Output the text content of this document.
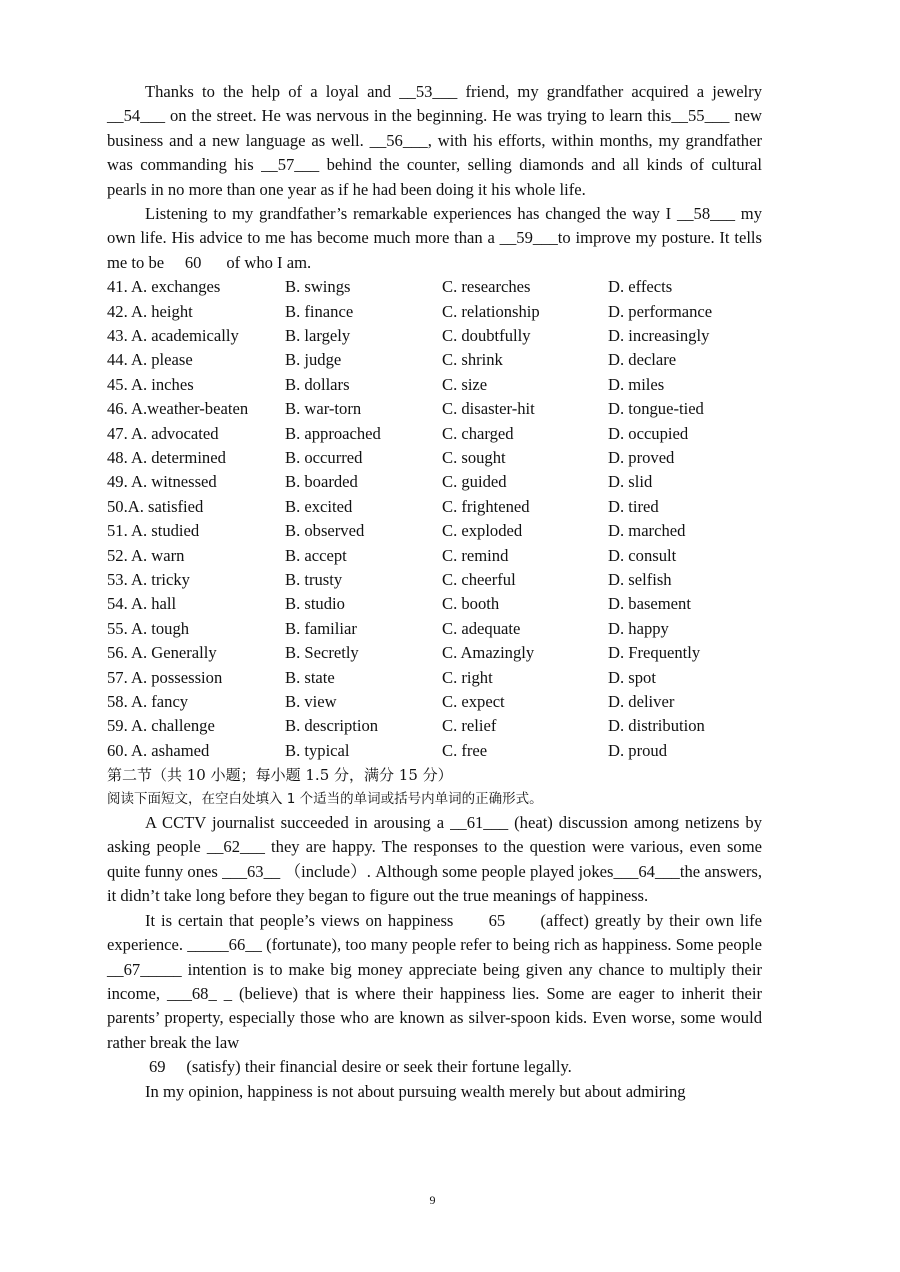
Thanks to the help of a loyal and __53___ friend, my grandfather acquired a jewelry __54___ on the street. He was nervous in the beginning. He was trying to learn this__55___ new business and a new language as well. __56___, with his efforts, within months, my grandfather was commanding his __57___ behind the counter, selling diamonds and all kinds of cultural pearls in no more than one year as if he had been doing it his whole life.

Listening to my grandfather’s remarkable experiences has changed the way I __58___ my own life. His advice to me has become much more than a __59___to improve my posture. It tells me to be     60      of who I am.

41. A. exchanges	B. swings	C. researches	D. effects
42. A. height	B. finance	C. relationship	D. performance
43. A. academically	B. largely	C. doubtfully	D. increasingly
44. A. please	B. judge	C. shrink	D. declare
45. A. inches	B. dollars	C. size	D. miles
46. A.weather-beaten	B. war-torn	C. disaster-hit	D. tongue-tied
47. A. advocated	B. approached	C. charged	D. occupied
48. A. determined	B. occurred	C. sought	D. proved
49. A. witnessed	B. boarded	C. guided	D. slid
50.A. satisfied	B. excited	C. frightened	D. tired
51. A. studied	B. observed	C. exploded	D. marched
52. A. warn	B. accept	C. remind	D. consult
53. A. tricky	B. trusty	C. cheerful	D. selfish
54. A. hall	B. studio	C. booth	D. basement
55. A. tough	B. familiar	C. adequate	D. happy
56. A. Generally	B. Secretly	C. Amazingly	D. Frequently
57. A. possession	B. state	C. right	D. spot
58. A. fancy	B. view	C. expect	D. deliver
59. A. challenge	B. description	C. relief	D. distribution
60. A. ashamed	B. typical	C. free	D. proud

第二节（共 10 小题；每小题 1.5 分，满分 15 分）

阅读下面短文，在空白处填入 1 个适当的单词或括号内单词的正确形式。

A CCTV journalist succeeded in arousing a __61___ (heat) discussion among netizens by asking people __62___ they are happy. The responses to the question were various, even some quite funny ones ___63__ （include）. Although some people played jokes___64___the answers, it didn’t take long before they began to figure out the true meanings of happiness.

It is certain that people’s views on happiness      65      (affect) greatly by their own life experience. _____66__ (fortunate), too many people refer to being rich as happiness. Some people __67_____ intention is to make big money appreciate being given any chance to multiply their income, ___68_ _ (believe) that is where their happiness lies. Some are eager to inherit their parents’ property, especially those who are known as silver-spoon kids. Even worse, some would rather break the law

69     (satisfy) their financial desire or seek their fortune legally.

In my opinion, happiness is not about pursuing wealth merely but about admiring

9
